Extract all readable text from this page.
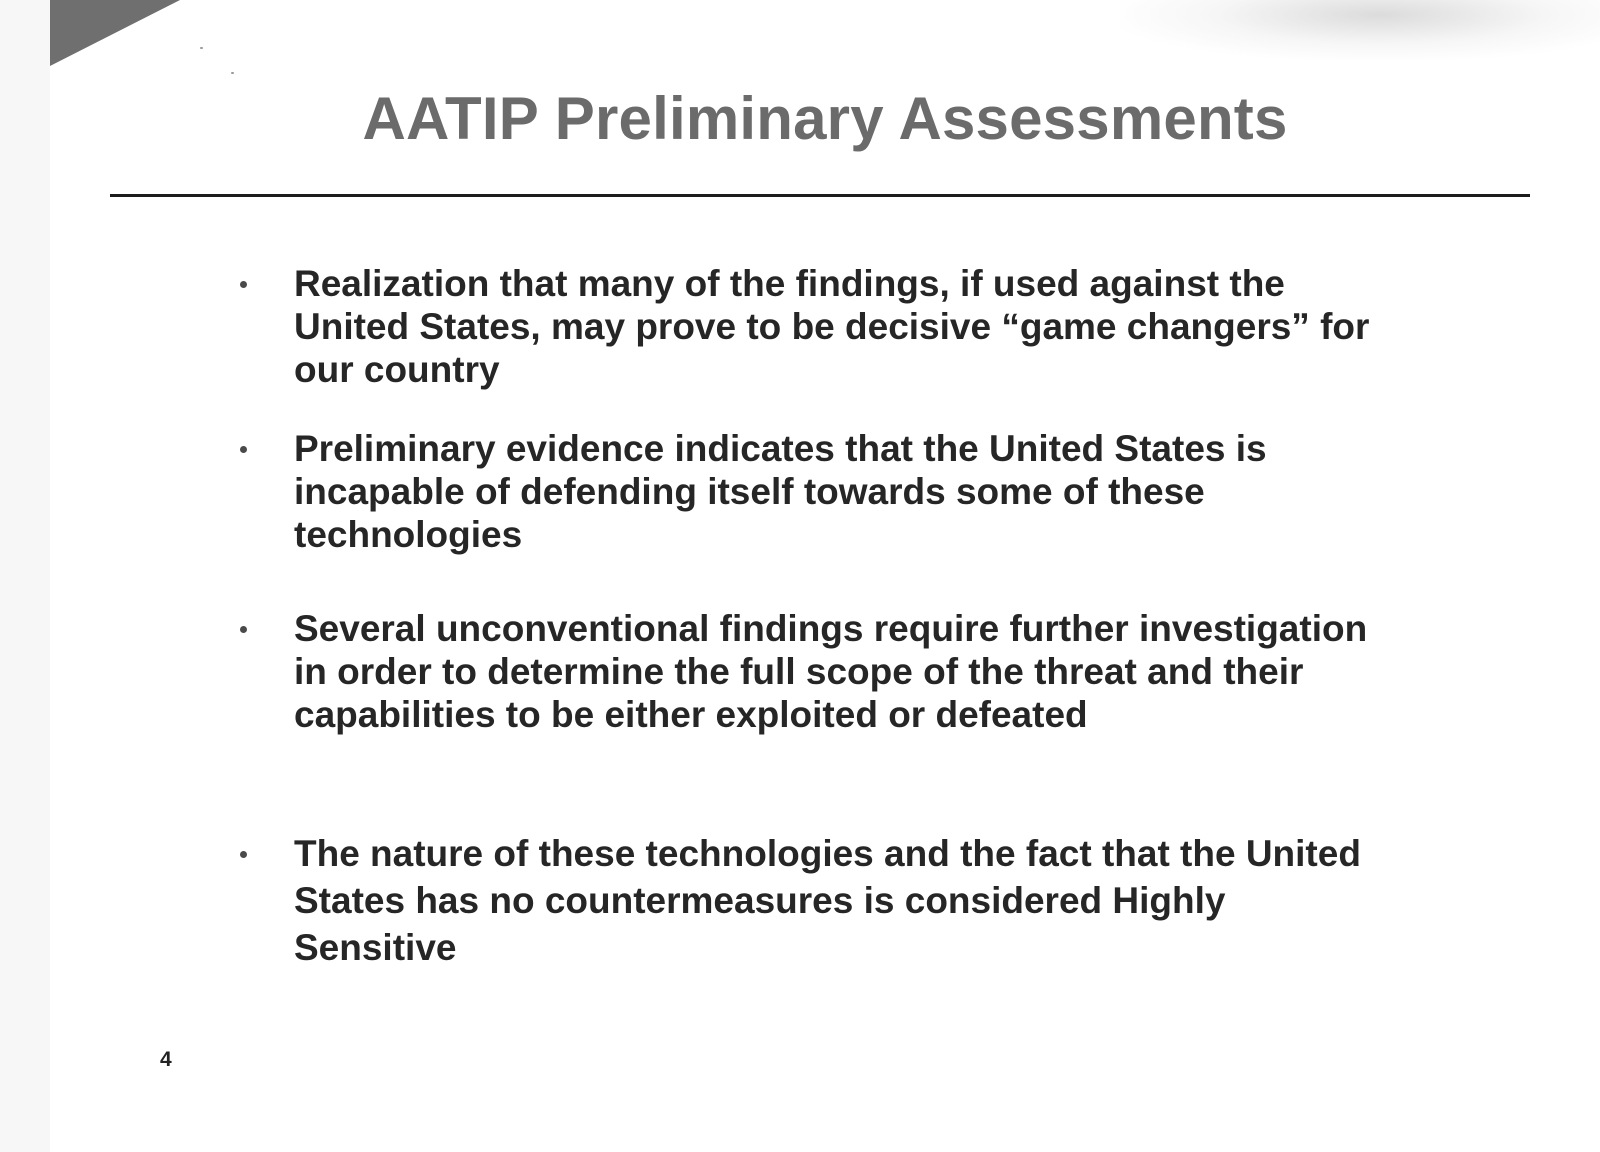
AATIP Preliminary Assessments
Realization that many of the findings, if used against the United States, may prove to be decisive “game changers” for our country
Preliminary evidence indicates that the United States is incapable of defending itself towards some of these technologies
Several unconventional findings require further investigation in order to determine the full scope of the threat and their capabilities to be either exploited or defeated
The nature of these technologies and the fact that the United States has no countermeasures is considered Highly Sensitive
4
